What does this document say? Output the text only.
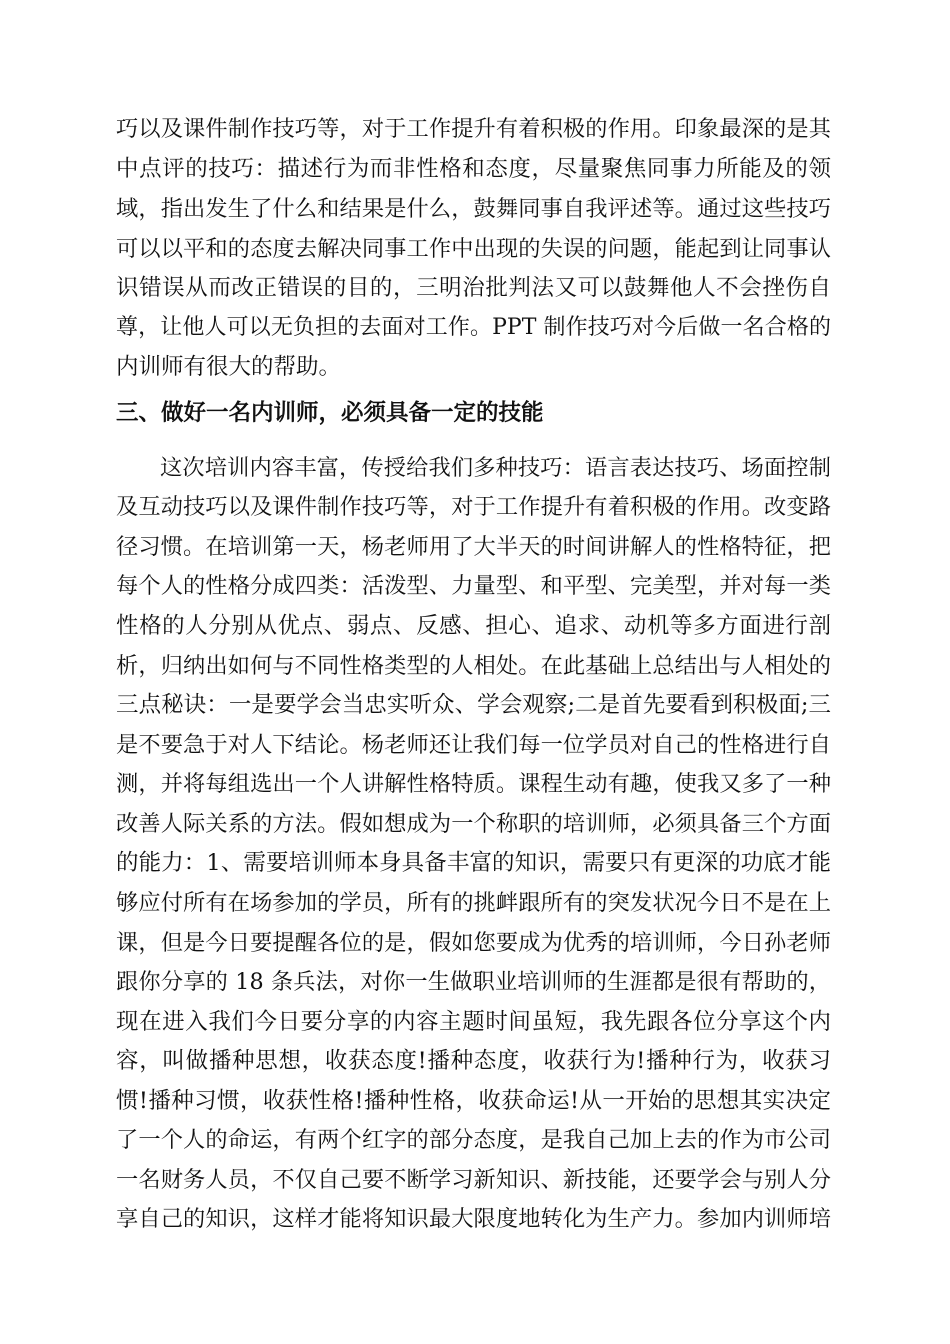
巧以及课件制作技巧等，对于工作提升有着积极的作用。印象最深的是其
中点评的技巧：描述行为而非性格和态度，尽量聚焦同事力所能及的领
域，指出发生了什么和结果是什么，鼓舞同事自我评述等。通过这些技巧
可以以平和的态度去解决同事工作中出现的失误的问题，能起到让同事认
识错误从而改正错误的目的，三明治批判法又可以鼓舞他人不会挫伤自
尊，让他人可以无负担的去面对工作。PPT 制作技巧对今后做一名合格的
内训师有很大的帮助。
三、做好一名内训师，必须具备一定的技能
这次培训内容丰富，传授给我们多种技巧：语言表达技巧、场面控制
及互动技巧以及课件制作技巧等，对于工作提升有着积极的作用。改变路
径习惯。在培训第一天，杨老师用了大半天的时间讲解人的性格特征，把
每个人的性格分成四类：活泼型、力量型、和平型、完美型，并对每一类
性格的人分别从优点、弱点、反感、担心、追求、动机等多方面进行剖
析，归纳出如何与不同性格类型的人相处。在此基础上总结出与人相处的
三点秘诀：一是要学会当忠实听众、学会观察;二是首先要看到积极面;三
是不要急于对人下结论。杨老师还让我们每一位学员对自己的性格进行自
测，并将每组选出一个人讲解性格特质。课程生动有趣，使我又多了一种
改善人际关系的方法。假如想成为一个称职的培训师，必须具备三个方面
的能力：1、需要培训师本身具备丰富的知识，需要只有更深的功底才能
够应付所有在场参加的学员，所有的挑衅跟所有的突发状况今日不是在上
课，但是今日要提醒各位的是，假如您要成为优秀的培训师，今日孙老师
跟你分享的 18 条兵法，对你一生做职业培训师的生涯都是很有帮助的，
现在进入我们今日要分享的内容主题时间虽短，我先跟各位分享这个内
容，叫做播种思想，收获态度!播种态度，收获行为!播种行为，收获习
惯!播种习惯，收获性格!播种性格，收获命运!从一开始的思想其实决定
了一个人的命运，有两个红字的部分态度，是我自己加上去的作为市公司
一名财务人员，不仅自己要不断学习新知识、新技能，还要学会与别人分
享自己的知识，这样才能将知识最大限度地转化为生产力。参加内训师培
